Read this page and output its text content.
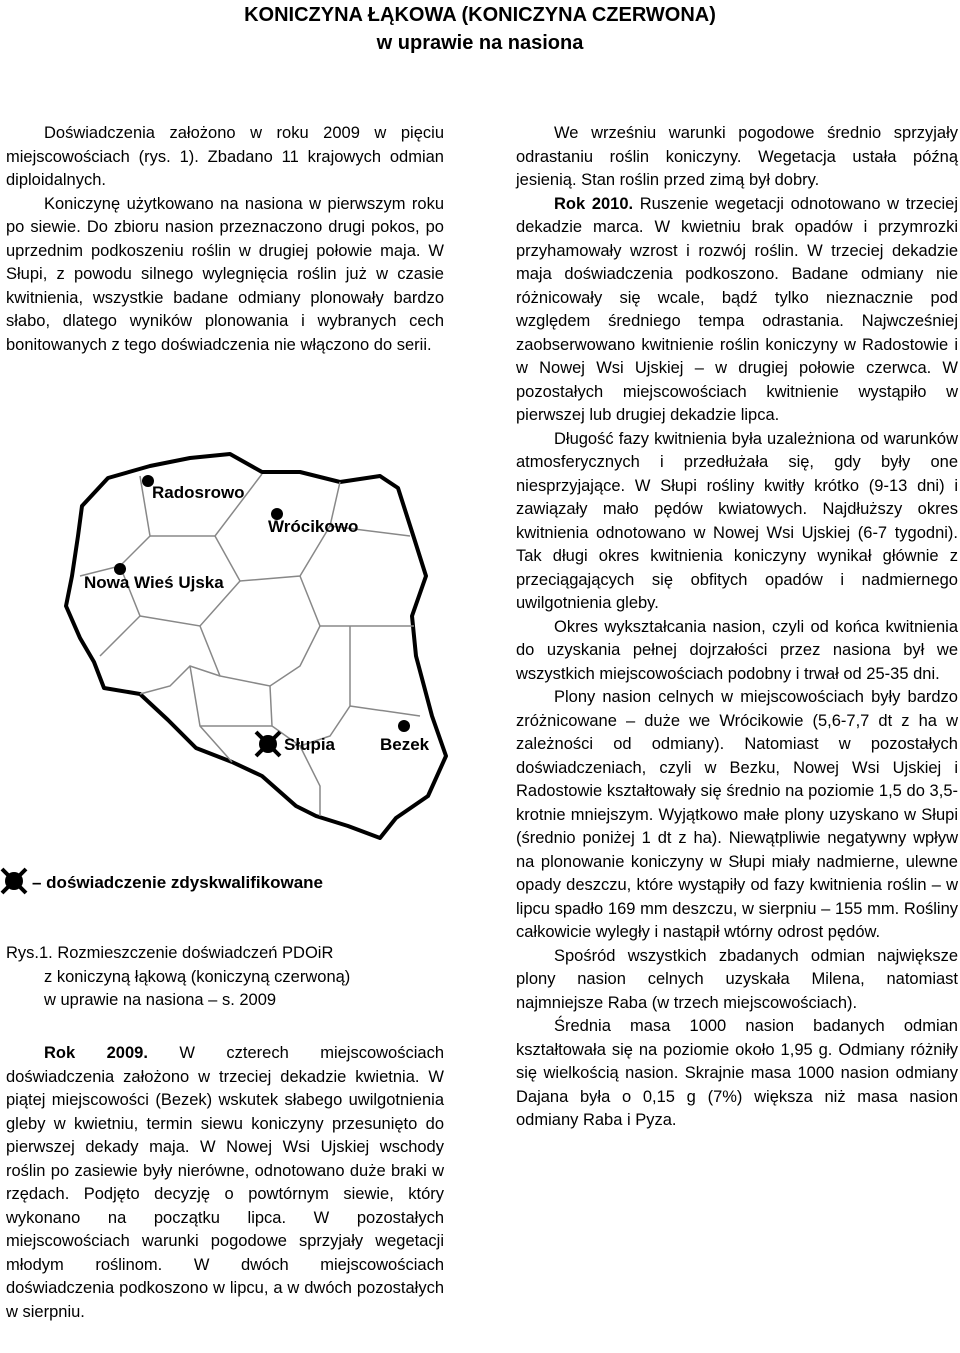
KONICZYNA ŁĄKOWA (KONICZYNA CZERWONA)
w uprawie na nasiona

Doświadczenia założono w roku 2009 w pięciu miejscowościach (rys. 1). Zbadano 11 krajowych odmian diploidalnych.

Koniczynę użytkowano na nasiona w pierwszym roku po siewie. Do zbioru nasion przeznaczono drugi pokos, po uprzednim podkoszeniu roślin w drugiej połowie maja. W Słupi, z powodu silnego wylegnięcia roślin już w czasie kwitnienia, wszystkie badane odmiany plonowały bardzo słabo, dlatego wyników plonowania i wybranych cech bonitowanych z tego doświadczenia nie włączono do serii.

Radosrowo
Wrócikowo
Nowa Wieś Ujska
Słupia	Bezek
– doświadczenie zdyskwalifikowane
Rys.1. Rozmieszczenie doświadczeń PDOiR
z koniczyną łąkową (koniczyną czerwoną)
w uprawie na nasiona – s. 2009

Rok 2009. W czterech miejscowościach doświadczenia założono w trzeciej dekadzie kwietnia. W piątej miejscowości (Bezek) wskutek słabego uwilgotnienia gleby w kwietniu, termin siewu koniczyny przesunięto do pierwszej dekady maja. W Nowej Wsi Ujskiej wschody roślin po zasiewie były nierówne, odnotowano duże braki w rzędach. Podjęto decyzję o powtórnym siewie, który wykonano na początku lipca. W pozostałych miejscowościach warunki pogodowe sprzyjały wegetacji młodym roślinom. W dwóch miejscowościach doświadczenia podkoszono w lipcu, a w dwóch pozostałych w sierpniu.

We wrześniu warunki pogodowe średnio sprzyjały odrastaniu roślin koniczyny. Wegetacja ustała późną jesienią. Stan roślin przed zimą był dobry.

Rok 2010. Ruszenie wegetacji odnotowano w trzeciej dekadzie marca. W kwietniu brak opadów i przymrozki przyhamowały wzrost i rozwój roślin. W trzeciej dekadzie maja doświadczenia podkoszono. Badane odmiany nie różnicowały się wcale, bądź tylko nieznacznie pod względem średniego tempa odrastania. Najwcześniej zaobserwowano kwitnienie roślin koniczyny w Radostowie i w Nowej Wsi Ujskiej – w drugiej połowie czerwca. W pozostałych miejscowościach kwitnienie wystąpiło w pierwszej lub drugiej dekadzie lipca.

Długość fazy kwitnienia była uzależniona od warunków atmosferycznych i przedłużała się, gdy były one niesprzyjające. W Słupi rośliny kwitły krótko (9-13 dni) i zawiązały mało pędów kwiatowych. Najdłuższy okres kwitnienia odnotowano w Nowej Wsi Ujskiej (6-7 tygodni). Tak długi okres kwitnienia koniczyny wynikał głównie z przeciągających się obfitych opadów i nadmiernego uwilgotnienia gleby.

Okres wykształcania nasion, czyli od końca kwitnienia do uzyskania pełnej dojrzałości przez nasiona był we wszystkich miejscowościach podobny i trwał od 25-35 dni.

Plony nasion celnych w miejscowościach były bardzo zróżnicowane – duże we Wrócikowie (5,6-7,7 dt z ha w zależności od odmiany). Natomiast w pozostałych doświadczeniach, czyli w Bezku, Nowej Wsi Ujskiej i Radostowie kształtowały się średnio na poziomie 1,5 do 3,5-krotnie mniejszym. Wyjątkowo małe plony uzyskano w Słupi (średnio poniżej 1 dt z ha). Niewątpliwie negatywny wpływ na plonowanie koniczyny w Słupi miały nadmierne, ulewne opady deszczu, które wystąpiły od fazy kwitnienia roślin – w lipcu spadło 169 mm deszczu, w sierpniu – 155 mm. Rośliny całkowicie wyległy i nastąpił wtórny odrost pędów.

Spośród wszystkich zbadanych odmian największe plony nasion celnych uzyskała Milena, natomiast najmniejsze Raba (w trzech miejscowościach).

Średnia masa 1000 nasion badanych odmian kształtowała się na poziomie około 1,95 g. Odmiany różniły się wielkością nasion. Skrajnie masa 1000 nasion odmiany Dajana była o 0,15 g (7%) większa niż masa nasion odmiany Raba i Pyza.
